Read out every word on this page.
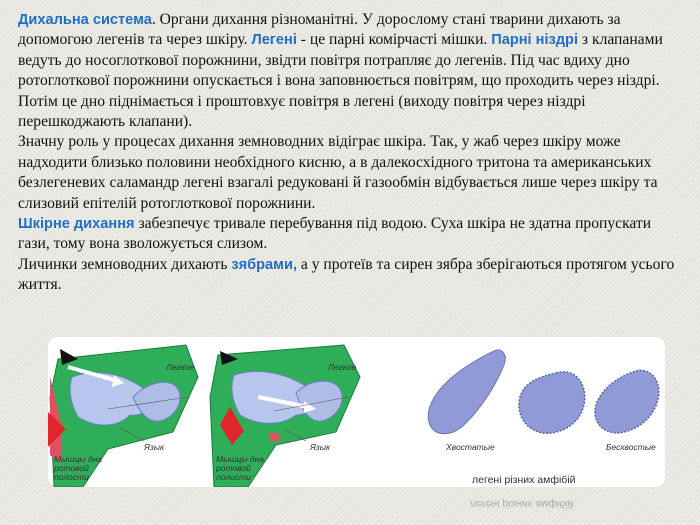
Дихальна система. Органи дихання різноманітні. У дорослому стані тварини дихають за допомогою легенів та через шкіру. Легені - це парні комірчасті мішки. Парні ніздрі з клапанами ведуть до носоглоткової порожнини, звідти повітря потрапляє до легенів. Під час вдиху дно ротоглоткової порожнини опускається і вона заповнюється повітрям, що проходить через ніздрі. Потім це дно піднімається і проштовхує повітря в легені (виходу повітря через ніздрі перешкоджають клапани).

Значну роль у процесах дихання земноводних відіграє шкіра. Так, у жаб через шкіру може надходити близько половини необхідного кисню, а в далекосхідного тритона та американських безлегеневих саламандр легені взагалі редуковані й газообмін відбувається лише через шкіру та слизовий епітелій ротоглоткової порожнини.

Шкірне дихання забезпечує тривале перебування під водою. Суха шкіра не здатна пропускати гази, тому вона зволожується слизом.

Личинки земноводних дихають зябрами, а у протеїв та сирен зябра зберігаються протягом усього життя.

Легкое
Язык
Мышцы дна
ротовой
полости
Легкое
Язык
Мышцы дна
ротовой
полости
Хвостатые	Бесхвостые
легені різних амфібій
легені різних амфібій
